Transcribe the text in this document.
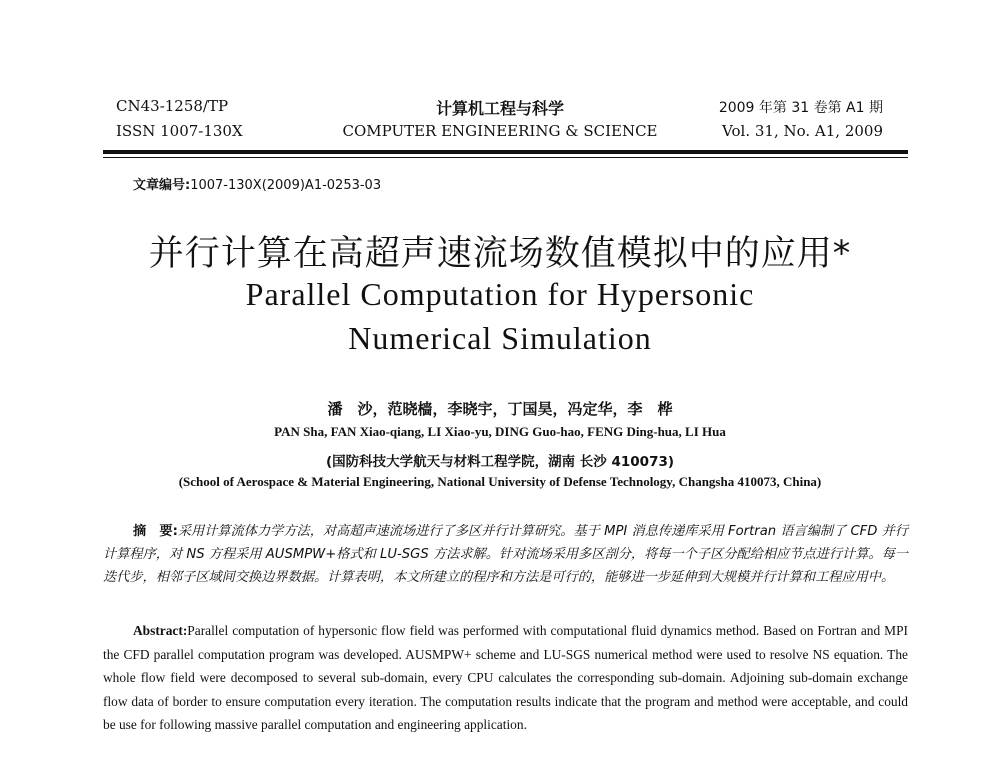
CN43-1258/TP
ISSN 1007-130X
计算机工程与科学
COMPUTER ENGINEERING & SCIENCE
2009 年第 31 卷第 A1 期
Vol. 31, No. A1, 2009
文章编号:1007-130X(2009)A1-0253-03
并行计算在高超声速流场数值模拟中的应用*
Parallel Computation for Hypersonic
Numerical Simulation
潘　沙，范晓樯，李晓宇，丁国昊，冯定华，李　桦
PAN Sha, FAN Xiao-qiang, LI Xiao-yu, DING Guo-hao, FENG Ding-hua, LI Hua
(国防科技大学航天与材料工程学院，湖南 长沙 410073)
(School of Aerospace & Material Engineering, National University of Defense Technology, Changsha 410073, China)
摘　要:采用计算流体力学方法，对高超声速流场进行了多区并行计算研究。基于 MPI 消息传递库采用 Fortran 语言编制了 CFD 并行计算程序，对 NS 方程采用 AUSMPW+格式和 LU-SGS 方法求解。针对流场采用多区剖分，将每一个子区分配给相应节点进行计算。每一迭代步，相邻子区域间交换边界数据。计算表明，本文所建立的程序和方法是可行的，能够进一步延伸到大规模并行计算和工程应用中。
Abstract:Parallel computation of hypersonic flow field was performed with computational fluid dynamics method. Based on Fortran and MPI the CFD parallel computation program was developed. AUSMPW+ scheme and LU-SGS numerical method were used to resolve NS equation. The whole flow field were decomposed to several sub-domain, every CPU calculates the corresponding sub-domain. Adjoining sub-domain exchange flow data of border to ensure computation every iteration. The computation results indicate that the program and method were acceptable, and could be use for following massive parallel computation and engineering application.
